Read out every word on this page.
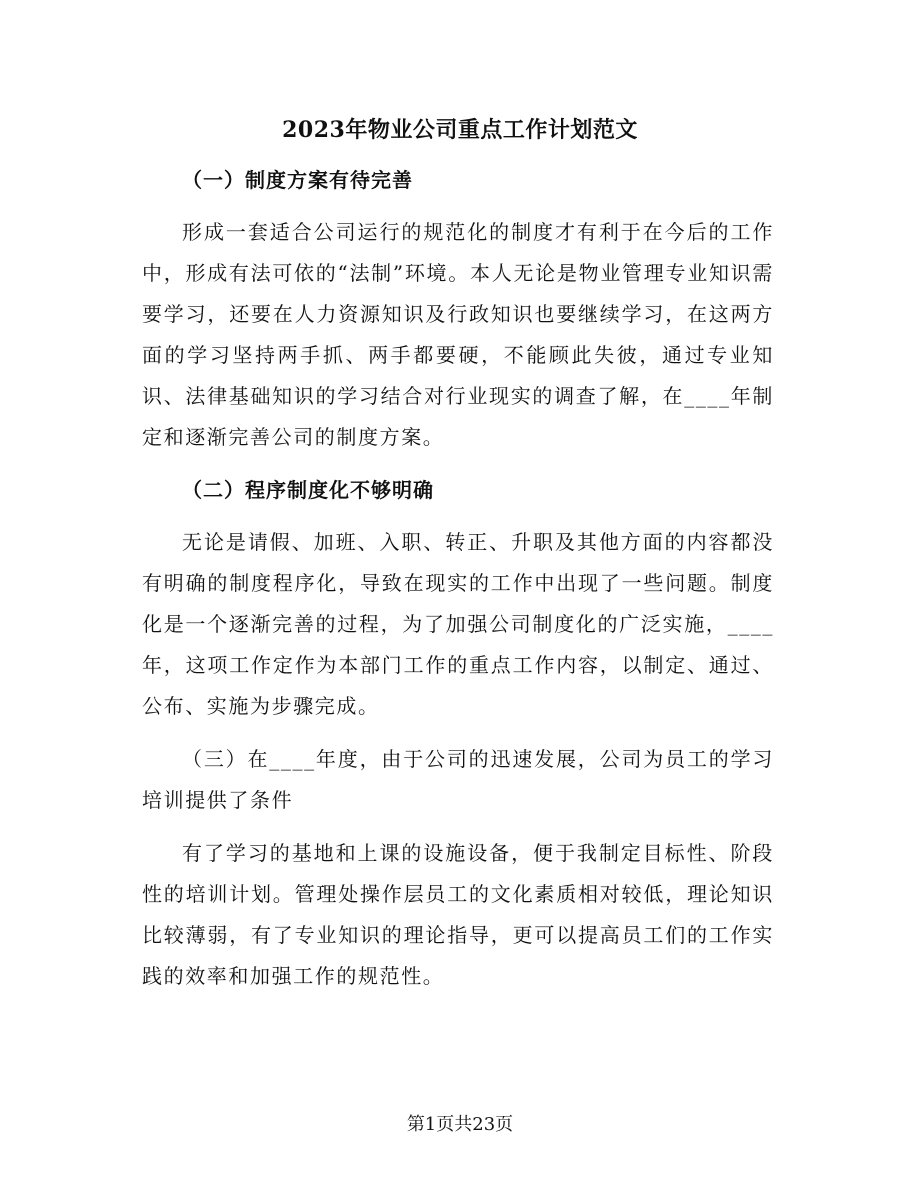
2023年物业公司重点工作计划范文
（一）制度方案有待完善
形成一套适合公司运行的规范化的制度才有利于在今后的工作中，形成有法可依的“法制”环境。本人无论是物业管理专业知识需要学习，还要在人力资源知识及行政知识也要继续学习，在这两方面的学习坚持两手抓、两手都要硬，不能顾此失彼，通过专业知识、法律基础知识的学习结合对行业现实的调查了解，在____年制定和逐渐完善公司的制度方案。
（二）程序制度化不够明确
无论是请假、加班、入职、转正、升职及其他方面的内容都没有明确的制度程序化，导致在现实的工作中出现了一些问题。制度化是一个逐渐完善的过程，为了加强公司制度化的广泛实施，____年，这项工作定作为本部门工作的重点工作内容，以制定、通过、公布、实施为步骤完成。
（三）在____年度，由于公司的迅速发展，公司为员工的学习培训提供了条件
有了学习的基地和上课的设施设备，便于我制定目标性、阶段性的培训计划。管理处操作层员工的文化素质相对较低，理论知识比较薄弱，有了专业知识的理论指导，更可以提高员工们的工作实践的效率和加强工作的规范性。
第1页共23页
